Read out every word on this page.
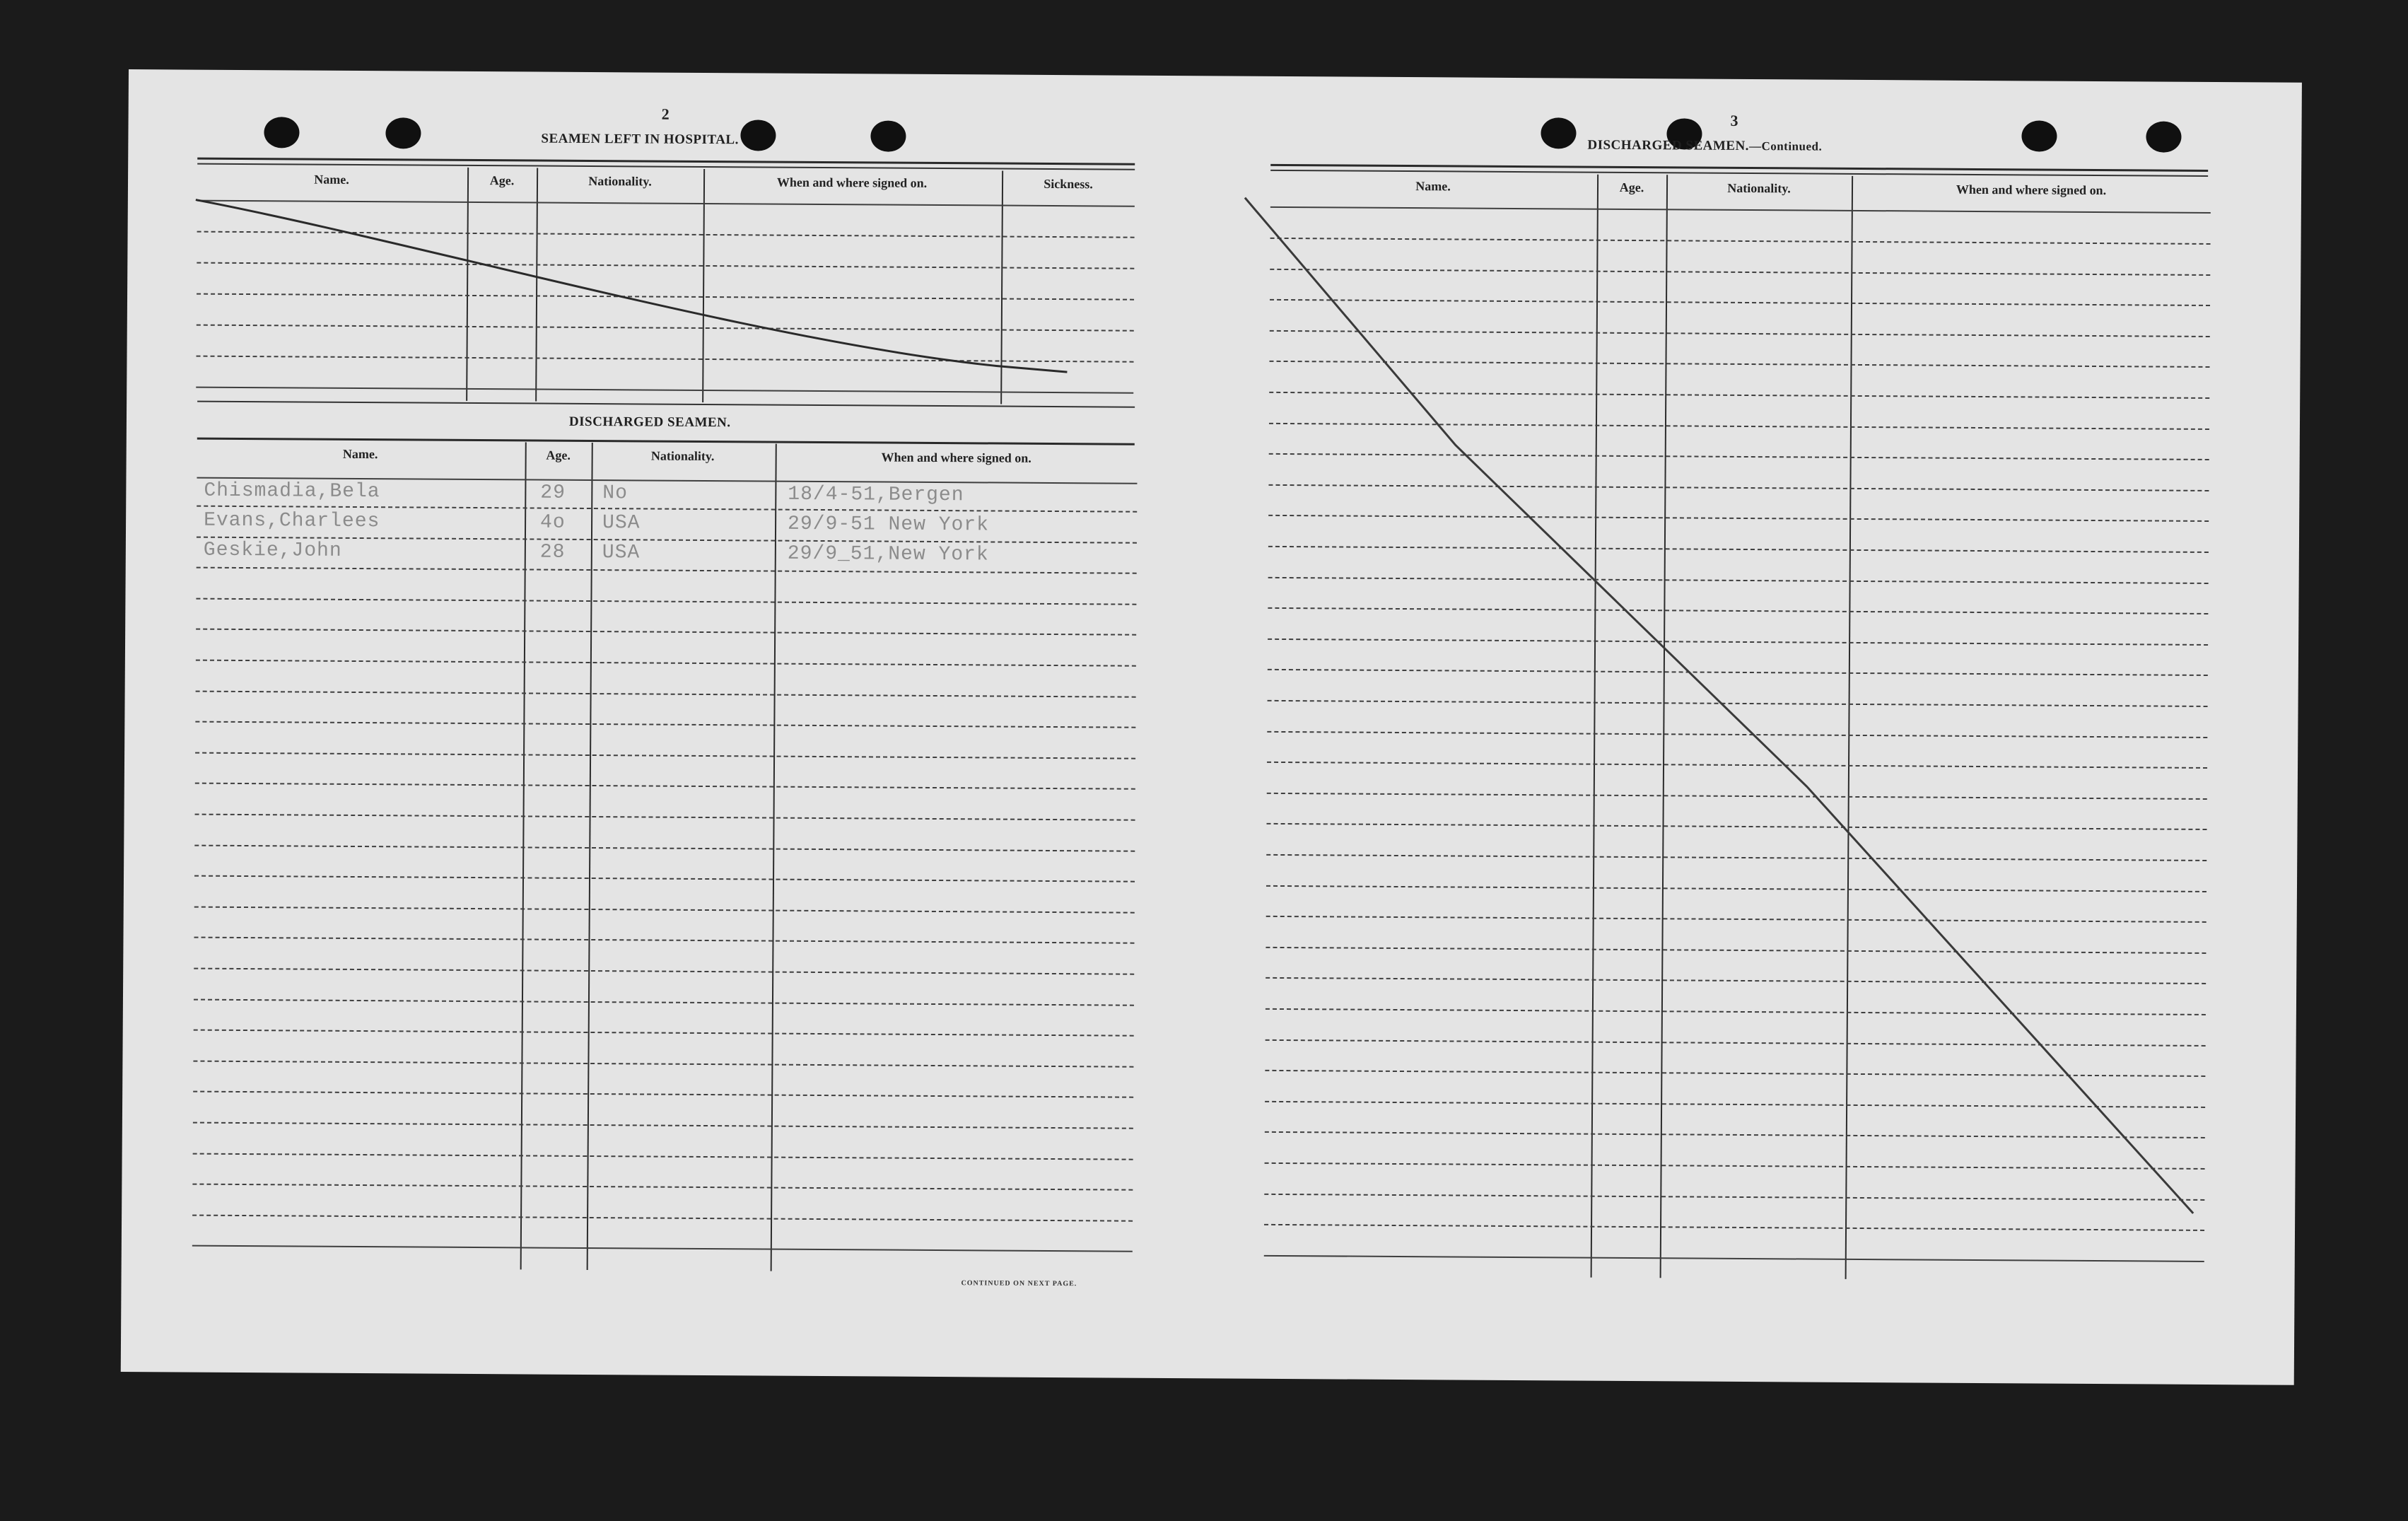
2
SEAMEN LEFT IN HOSPITAL.
Name.	Age.	Nationality.	When and where signed on.	Sickness.
DISCHARGED SEAMEN.
Name.	Age.	Nationality.	When and where signed on.
Chismadia,Bela	29 No	18/4-51,Bergen
Evans,Charlees	4o USA	29/9-51 New York
Geskie,John	28 USA	29/9_51,New York
CONTINUED ON NEXT PAGE.
3
DISCHARGED SEAMEN.—Continued.
Name.	Age.	Nationality.	When and where signed on.
